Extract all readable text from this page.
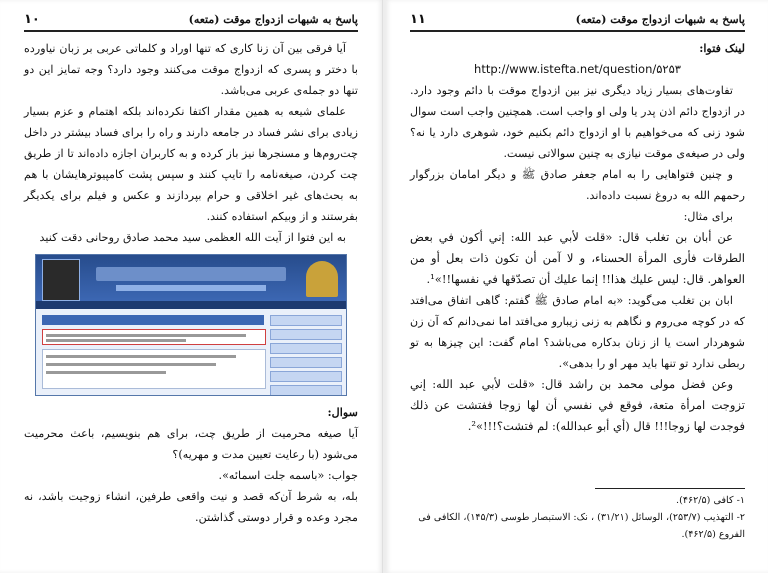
پاسخ به شبهات ازدواج موقت (متعه)
۱۰

آیا فرقی بین آن زنا کاری که تنها اوراد و کلماتی عربی بر زبان نیاورده با دختر و پسری که ازدواج موقت می‌کنند وجود دارد؟ وجه تمایز این دو تنها دو جمله‌ی عربی می‌باشد.

علمای شیعه به همین مقدار اکتفا نکرده‌اند بلکه اهتمام و عزم بسیار زیادی برای نشر فساد در جامعه دارند و راه را برای فساد بیشتر در داخل چت‌روم‌ها و مسنجرها نیز باز کرده و به کاربران اجازه داده‌اند تا از طریق چت کردن، صیغه‌نامه را تایپ کنند و سپس پشت کامپیوترهایشان با هم به بحث‌های غیر اخلاقی و حرام بپردازند و عکس و فیلم برای یکدیگر بفرستند و از وبیکم استفاده کنند.

به این فتوا از آیت الله العظمی سید محمد صادق روحانی دقت کنید

سوال:

آیا صیغه محرمیت از طریق چت، برای هم بنویسیم، باعث محرمیت می‌شود (با رعایت تعیین مدت و مهریه)؟

جواب: «باسمه جلت اسمائه».

بله، به شرط آن‌که قصد و نیت واقعی طرفین، انشاء زوجیت باشد، نه مجرد وعده و قرار دوستی گذاشتن.

پاسخ به شبهات ازدواج موقت (متعه)
۱۱

لینک فتوا:

http://www.istefta.net/question/۵۲۵۳

تفاوت‌های بسیار زیاد دیگری نیز بین ازدواج موقت با دائم وجود دارد. در ازدواج دائم اذن پدر یا ولی او واجب است. همچنین واجب است سوال شود زنی که می‌خواهیم با او ازدواج دائم بکنیم خود، شوهری دارد یا نه؟ ولی در صیغه‌ی موقت نیازی به چنین سوالاتی نیست.

و چنین فتواهایی را به امام جعفر صادق ﷺ و دیگر امامان بزرگوار رحمهم الله به دروغ نسبت داده‌اند.

برای مثال:

عن أبان بن تغلب قال: «قلت لأبي عبد الله: إني أكون في بعض الطرقات فأرى المرأة الحسناء، و لا آمن أن تكون ذات بعل أو من العواهر. قال: ليس عليك هذا!! إنما عليك أن تصدّقها في نفسها!!»¹.

ابان بن تغلب می‌گوید: «به امام صادق ﷺ گفتم: گاهی اتفاق می‌افتد که در کوچه می‌روم و نگاهم به زنی زیبارو می‌افتد اما نمی‌دانم که آن زن شوهردار است یا از زنان بدکاره می‌باشد؟ امام گفت: این چیزها به تو ربطی ندارد تو تنها باید مهر او را بدهی».

وعن فضل مولى محمد بن راشد قال: «قلت لأبي عبد الله: إني تزوجت امرأة متعة، فوقع في نفسي أن لها زوجا ففتشت عن ذلك فوجدت لها زوجا!!! قال (أي أبو عبدالله): لم فتشت؟!!!»².

۱- کافی (۴۶۲/۵).
۲- التهذیب (۲۵۳/۷)، الوسائل (۳۱/۲۱) ، نک: الاستبصار طوسی (۱۴۵/۳)، الکافی فی الفروع (۴۶۲/۵).
